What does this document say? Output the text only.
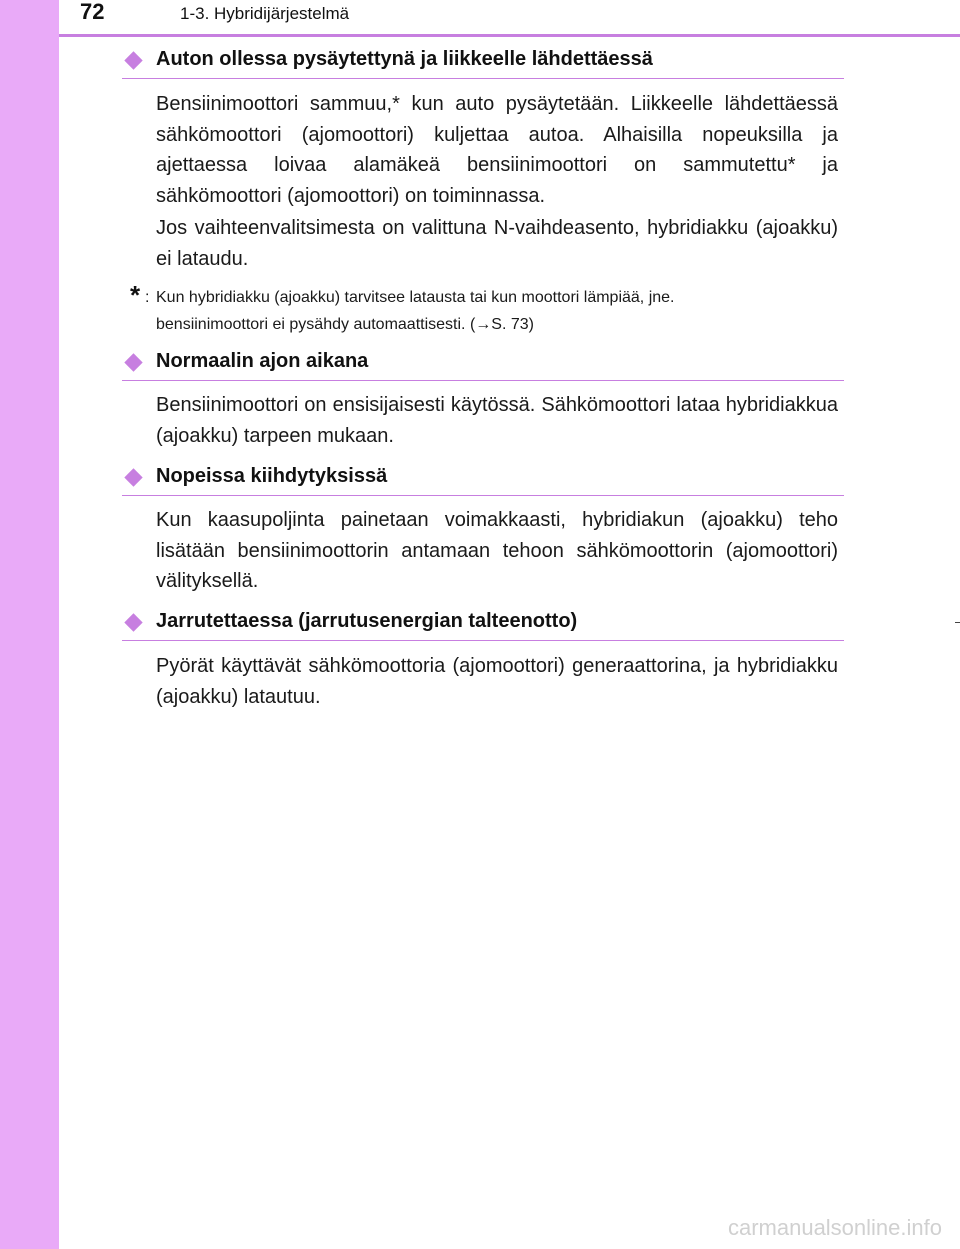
72	1-3. Hybridijärjestelmä
Auton ollessa pysäytettynä ja liikkeelle lähdettäessä
Bensiinimoottori sammuu,* kun auto pysäytetään. Liikkeelle lähdettäessä sähkömoottori (ajomoottori) kuljettaa autoa. Alhaisilla nopeuksilla ja ajettaessa loivaa alamäkeä bensiinimoottori on sammutettu* ja sähkömoottori (ajomoottori) on toiminnassa.
Jos vaihteenvalitsimesta on valittuna N-vaihdeasento, hybridiakku (ajoakku) ei lataudu.
* : Kun hybridiakku (ajoakku) tarvitsee latausta tai kun moottori lämpiää, jne.
bensiinimoottori ei pysähdy automaattisesti. (→S. 73)
Normaalin ajon aikana
Bensiinimoottori on ensisijaisesti käytössä. Sähkömoottori lataa hybridiakkua (ajoakku) tarpeen mukaan.
Nopeissa kiihdytyksissä
Kun kaasupoljinta painetaan voimakkaasti, hybridiakun (ajoakku) teho lisätään bensiinimoottorin antamaan tehoon sähkömoottorin (ajomoottori) välityksellä.
Jarrutettaessa (jarrutusenergian talteenotto)
Pyörät käyttävät sähkömoottoria (ajomoottori) generaattorina, ja hybridiakku (ajoakku) latautuu.
carmanualsonline.info
